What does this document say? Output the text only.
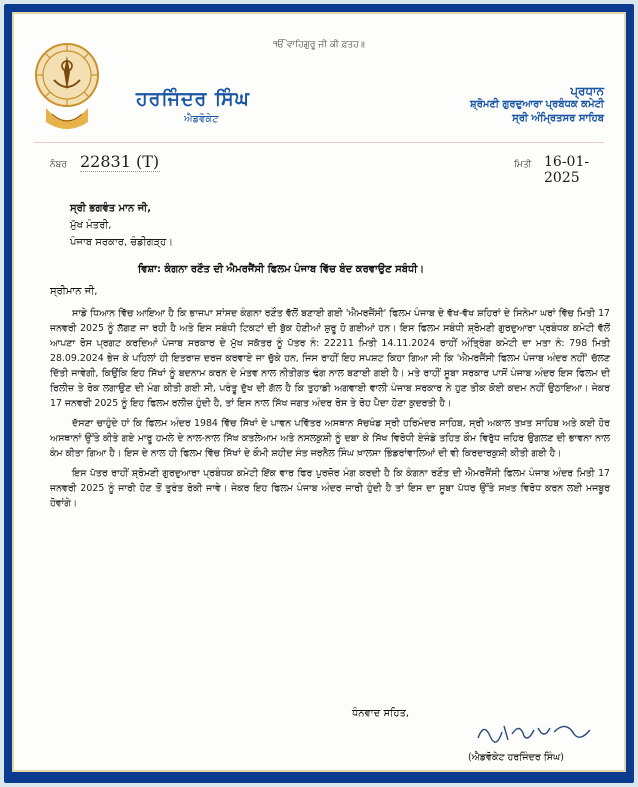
ੴ ਵਾਹਿਗੁਰੂ ਜੀ ਕੀ ਫ਼ਤਹ॥
ਹਰਜਿੰਦਰ ਸਿੰਘ
ਐਡਵੋਕੇਟ
ਪ੍ਰਧਾਨ
ਸ਼੍ਰੋਮਣੀ ਗੁਰਦੁਆਰਾ ਪ੍ਰਬੰਧਕ ਕਮੇਟੀ
ਸ੍ਰੀ ਅੰਮ੍ਰਿਤਸਰ ਸਾਹਿਬ
ਨੰਬਰ 22831 (T)	ਮਿਤੀ 16-01-2025
ਸ੍ਰੀ ਭਗਵੰਤ ਮਾਨ ਜੀ,
ਮੁੱਖ ਮੰਤਰੀ,
ਪੰਜਾਬ ਸਰਕਾਰ, ਚੰਡੀਗੜ੍ਹ।
ਵਿਸ਼ਾ: ਕੰਗਨਾ ਰਣੌਤ ਦੀ ਐਮਰਜੈਂਸੀ ਫਿਲਮ ਪੰਜਾਬ ਵਿੱਚ ਬੰਦ ਕਰਵਾਉਣ ਸਬੰਧੀ।
ਸ੍ਰੀਮਾਨ ਜੀ,

ਸਾਡੇ ਧਿਆਨ ਵਿੱਚ ਆਇਆ ਹੈ ਕਿ ਭਾਜਪਾ ਸਾਂਸਦ ਕੰਗਨਾ ਰਣੌਤ ਵੱਲੋਂ ਬਣਾਈ ਗਈ 'ਐਮਰਜੈਂਸੀ' ਫਿਲਮ ਪੰਜਾਬ ਦੇ ਵੱਖ-ਵੱਖ ਸ਼ਹਿਰਾਂ ਦੇ ਸਿਨੇਮਾ ਘਰਾਂ ਵਿੱਚ ਮਿਤੀ 17 ਜਨਵਰੀ 2025 ਨੂੰ ਲੱਗਣ ਜਾ ਰਹੀ ਹੈ ਅਤੇ ਇਸ ਸਬੰਧੀ ਟਿਕਟਾਂ ਦੀ ਬੁੱਕ ਹੋਣੀਆਂ ਸ਼ੁਰੂ ਹੋ ਗਈਆਂ ਹਨ। ਇਸ ਫਿਲਮ ਸਬੰਧੀ ਸ਼੍ਰੋਮਣੀ ਗੁਰਦੁਆਰਾ ਪ੍ਰਬੰਧਕ ਕਮੇਟੀ ਵੱਲੋਂ ਆਪਣਾ ਰੋਸ ਪ੍ਰਗਟ ਕਰਦਿਆਂ ਪੰਜਾਬ ਸਰਕਾਰ ਦੇ ਮੁੱਖ ਸਕੱਤਰ ਨੂੰ ਪੱਤਰ ਨੰ: 22211 ਮਿਤੀ 14.11.2024 ਰਾਹੀਂ ਅੰਤ੍ਰਿੰਗ ਕਮੇਟੀ ਦਾ ਮਤਾ ਨੰ: 798 ਮਿਤੀ 28.09.2024 ਭੇਜ ਕੇ ਪਹਿਲਾਂ ਹੀ ਇਤਰਾਜ਼ ਦਰਜ ਕਰਵਾਏ ਜਾ ਚੁੱਕੇ ਹਨ, ਜਿਸ ਰਾਹੀਂ ਇਹ ਸਪਸ਼ਟ ਕਿਹਾ ਗਿਆ ਸੀ ਕਿ 'ਐਮਰਜੈਂਸੀ ਫਿਲਮ ਪੰਜਾਬ ਅੰਦਰ ਨਹੀਂ' ਚੱਲਣ ਦਿੱਤੀ ਜਾਵੇਗੀ, ਕਿਉਂਕਿ ਇਹ ਸਿੱਖਾਂ ਨੂੰ ਬਦਨਾਮ ਕਰਨ ਦੇ ਮੰਤਵ ਨਾਲ ਨੀਤੀਗਤ ਢੰਗ ਨਾਲ ਬਣਾਈ ਗਈ ਹੈ। ਮਤੇ ਰਾਹੀਂ ਸੂਬਾ ਸਰਕਾਰ ਪਾਸੋਂ ਪੰਜਾਬ ਅੰਦਰ ਇਸ ਫਿਲਮ ਦੀ ਰਿਲੀਜ਼ ਤੇ ਰੋਕ ਲਗਾਉਣ ਦੀ ਮੰਗ ਕੀਤੀ ਗਈ ਸੀ, ਪਰੰਤੂ ਦੁੱਖ ਦੀ ਗੱਲ ਹੈ ਕਿ ਤੁਹਾਡੀ ਅਗਵਾਈ ਵਾਲੀ ਪੰਜਾਬ ਸਰਕਾਰ ਨੇ ਹੁਣ ਤੀਕ ਕੋਈ ਕਦਮ ਨਹੀਂ ਉਠਾਇਆ। ਜੇਕਰ 17 ਜਨਵਰੀ 2025 ਨੂੰ ਇਹ ਫਿਲਮ ਰਲੀਜ਼ ਹੁੰਦੀ ਹੈ, ਤਾਂ ਇਸ ਨਾਲ ਸਿੱਖ ਜਗਤ ਅੰਦਰ ਰੋਸ ਤੇ ਰੋਹ ਪੈਦਾ ਹੋਣਾ ਕੁਦਰਤੀ ਹੈ।

ਦੱਸਣਾ ਚਾਹੁੰਦੇ ਹਾਂ ਕਿ ਫਿਲਮ ਅੰਦਰ 1984 ਵਿੱਚ ਸਿੱਖਾਂ ਦੇ ਪਾਵਨ ਪਵਿੱਤਰ ਅਸਥਾਨ ਸੱਚਖੰਡ ਸ੍ਰੀ ਹਰਿਮੰਦਰ ਸਾਹਿਬ, ਸ੍ਰੀ ਅਕਾਲ ਤਖ਼ਤ ਸਾਹਿਬ ਅਤੇ ਕਈ ਹੋਰ ਅਸਥਾਨਾਂ ਉੱਤੇ ਕੀਤੇ ਗਏ ਮਾਰੂ ਹਮਲੇ ਦੇ ਨਾਲ-ਨਾਲ ਸਿੱਖ ਕਤਲੇਆਮ ਅਤੇ ਨਸਲਕੁਸ਼ੀ ਨੂੰ ਦਬਾ ਕੇ ਸਿੱਖ ਵਿਰੋਧੀ ਏਜੰਡੇ ਤਹਿਤ ਕੌਮ ਵਿਰੁੱਧ ਜ਼ਹਿਰ ਉਗਲਣ ਦੀ ਭਾਵਨਾ ਨਾਲ ਕੰਮ ਕੀਤਾ ਗਿਆ ਹੈ। ਇਸ ਦੇ ਨਾਲ ਹੀ ਫਿਲਮ ਵਿੱਚ ਸਿੱਖਾਂ ਦੇ ਕੌਮੀ ਸ਼ਹੀਦ ਸੰਤ ਜਰਨੈਲ ਸਿੰਘ ਖ਼ਾਲਸਾ ਭਿੰਡਰਾਂਵਾਲਿਆਂ ਦੀ ਵੀ ਕਿਰਦਾਰਕੁਸ਼ੀ ਕੀਤੀ ਗਈ ਹੈ।

ਇਸ ਪੱਤਰ ਰਾਹੀਂ ਸ਼੍ਰੋਮਣੀ ਗੁਰਦੁਆਰਾ ਪ੍ਰਬੰਧਕ ਕਮੇਟੀ ਇੱਕ ਵਾਰ ਫਿਰ ਪੁਰਜ਼ੋਰ ਮੰਗ ਕਰਦੀ ਹੈ ਕਿ ਕੰਗਨਾ ਰਣੌਤ ਦੀ ਐਮਰਜੈਂਸੀ ਫਿਲਮ ਪੰਜਾਬ ਅੰਦਰ ਮਿਤੀ 17 ਜਨਵਰੀ 2025 ਨੂੰ ਜਾਰੀ ਹੋਣ ਤੋਂ ਤੁਰੰਤ ਰੋਕੀ ਜਾਵੇ। ਜੇਕਰ ਇਹ ਫਿਲਮ ਪੰਜਾਬ ਅੰਦਰ ਜਾਰੀ ਹੁੰਦੀ ਹੈ ਤਾਂ ਇਸ ਦਾ ਸੂਬਾ ਪੱਧਰ ਉੱਤੇ ਸਖ਼ਤ ਵਿਰੋਧ ਕਰਨ ਲਈ ਮਜਬੂਰ ਹੋਵਾਂਗੇ।

ਧੰਨਵਾਦ ਸਹਿਤ,
(ਐਡਵੋਕੇਟ ਹਰਜਿੰਦਰ ਸਿੰਘ)
